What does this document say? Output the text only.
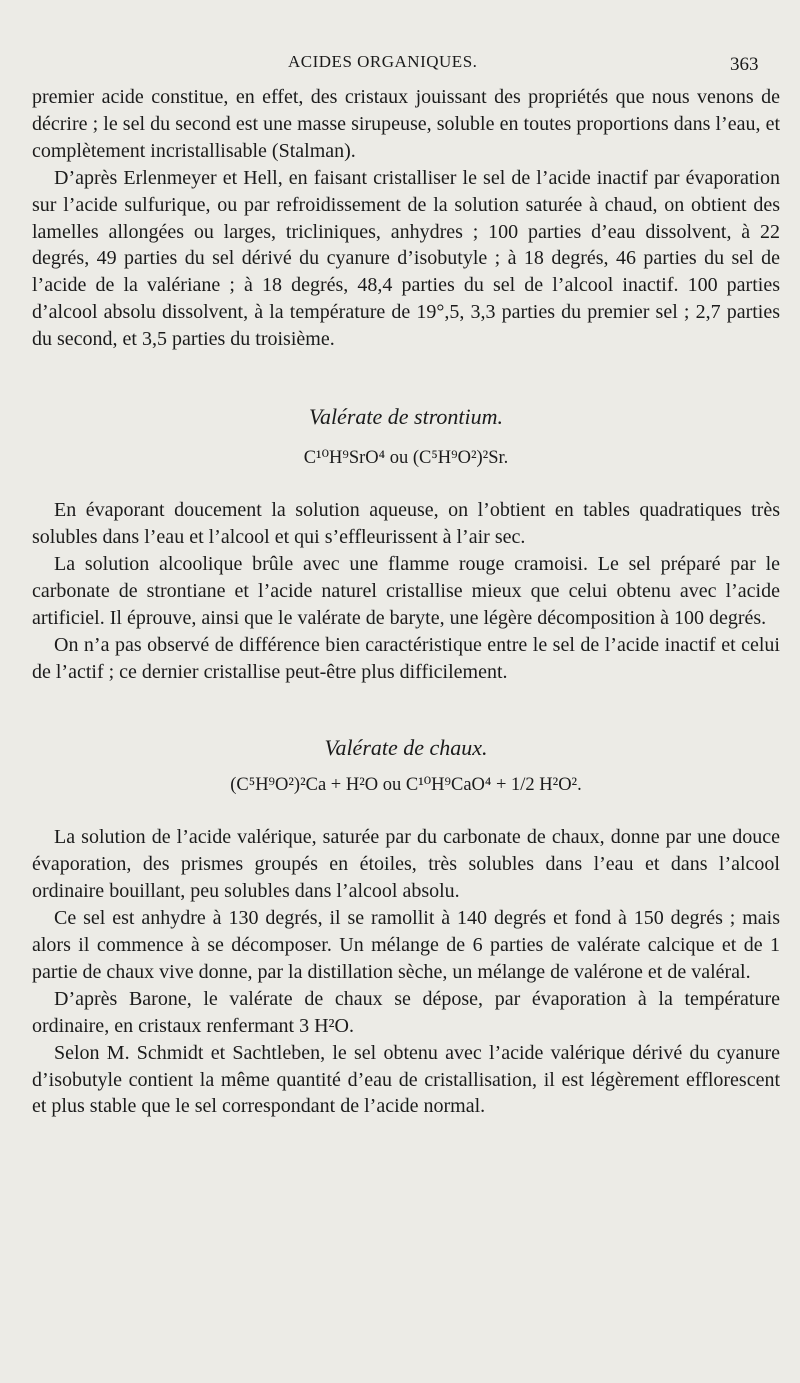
ACIDES ORGANIQUES.	363

premier acide constitue, en effet, des cristaux jouissant des propriétés que nous venons de décrire ; le sel du second est une masse sirupeuse, soluble en toutes proportions dans l’eau, et complètement incristallisable (Stalman).

D’après Erlenmeyer et Hell, en faisant cristalliser le sel de l’acide inactif par évaporation sur l’acide sulfurique, ou par refroidissement de la solution saturée à chaud, on obtient des lamelles allongées ou larges, tricliniques, anhydres ; 100 parties d’eau dissolvent, à 22 degrés, 49 parties du sel dérivé du cyanure d’isobutyle ; à 18 degrés, 46 parties du sel de l’acide de la valériane ; à 18 degrés, 48,4 parties du sel de l’alcool inactif. 100 parties d’alcool absolu dissolvent, à la température de 19°,5, 3,3 parties du premier sel ; 2,7 parties du second, et 3,5 parties du troisième.

Valérate de strontium.
C¹⁰H⁹SrO⁴ ou (C⁵H⁹O²)²Sr.

En évaporant doucement la solution aqueuse, on l’obtient en tables quadratiques très solubles dans l’eau et l’alcool et qui s’effleurissent à l’air sec.

La solution alcoolique brûle avec une flamme rouge cramoisi. Le sel préparé par le carbonate de strontiane et l’acide naturel cristallise mieux que celui obtenu avec l’acide artificiel. Il éprouve, ainsi que le valérate de baryte, une légère décomposition à 100 degrés.

On n’a pas observé de différence bien caractéristique entre le sel de l’acide inactif et celui de l’actif ; ce dernier cristallise peut-être plus difficilement.

Valérate de chaux.
(C⁵H⁹O²)²Ca + H²O ou C¹⁰H⁹CaO⁴ + 1/2 H²O².

La solution de l’acide valérique, saturée par du carbonate de chaux, donne par une douce évaporation, des prismes groupés en étoiles, très solubles dans l’eau et dans l’alcool ordinaire bouillant, peu solubles dans l’alcool absolu.

Ce sel est anhydre à 130 degrés, il se ramollit à 140 degrés et fond à 150 degrés ; mais alors il commence à se décomposer. Un mélange de 6 parties de valérate calcique et de 1 partie de chaux vive donne, par la distillation sèche, un mélange de valérone et de valéral.

D’après Barone, le valérate de chaux se dépose, par évaporation à la température ordinaire, en cristaux renfermant 3 H²O.

Selon M. Schmidt et Sachtleben, le sel obtenu avec l’acide valérique dérivé du cyanure d’isobutyle contient la même quantité d’eau de cristallisation, il est légèrement efflorescent et plus stable que le sel correspondant de l’acide normal.
